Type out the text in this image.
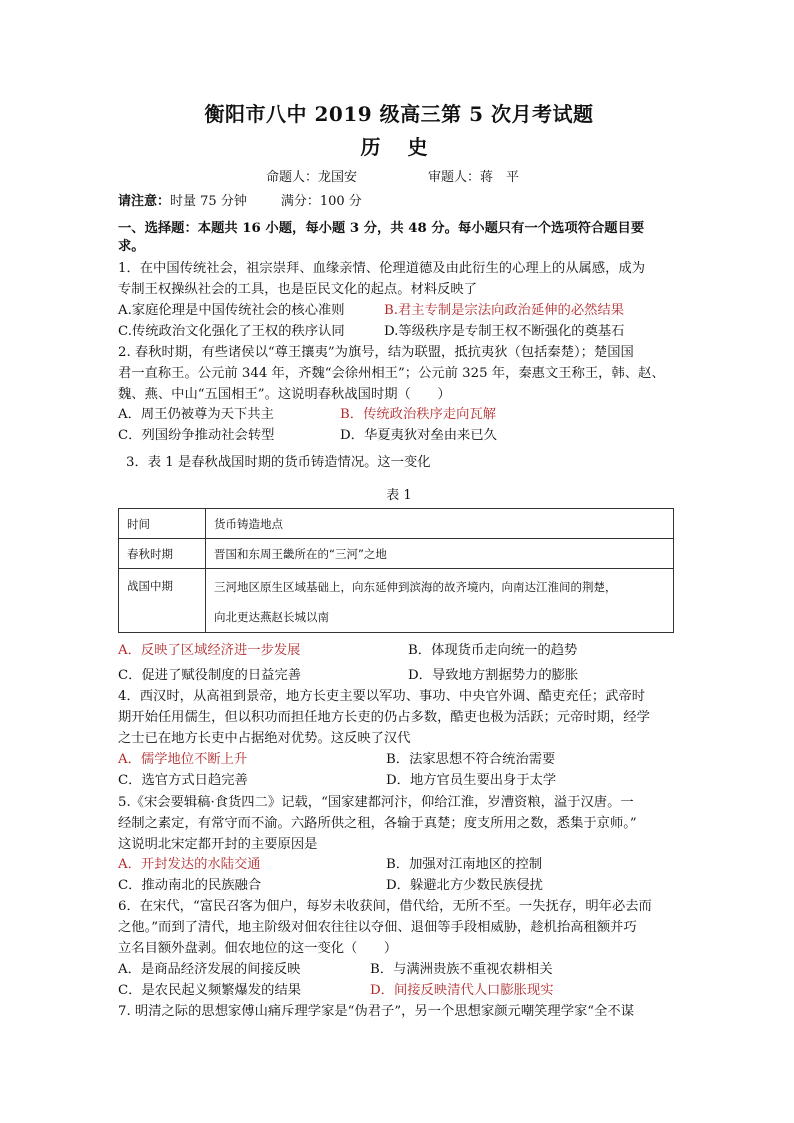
衡阳市八中 2019 级高三第 5 次月考试题
历 史
命题人：龙国安	审题人：蒋　平
请注意：时量 75 分钟	满分：100 分
一、选择题：本题共 16 小题，每小题 3 分，共 48 分。每小题只有一个选项符合题目要
求。
1．在中国传统社会，祖宗崇拜、血缘亲情、伦理道德及由此衍生的心理上的从属感，成为
专制王权操纵社会的工具，也是臣民文化的起点。材料反映了
A.家庭伦理是中国传统社会的核心准则	B.君主专制是宗法向政治延伸的必然结果
C.传统政治文化强化了王权的秩序认同	D.等级秩序是专制王权不断强化的奠基石
2. 春秋时期，有些诸侯以“尊王攘夷”为旗号，结为联盟，抵抗夷狄（包括秦楚）；楚国国
君一直称王。公元前 344 年，齐魏“会徐州相王”；公元前 325 年，秦惠文王称王，韩、赵、
魏、燕、中山“五国相王”。这说明春秋战国时期（　　）
A．周王仍被尊为天下共主	B．传统政治秩序走向瓦解
C．列国纷争推动社会转型	D．华夏夷狄对垒由来已久
3．表 1 是春秋战国时期的货币铸造情况。这一变化
表 1
时间	货币铸造地点
春秋时期	晋国和东周王畿所在的“三河”之地
战国中期	三河地区原生区域基础上，向东延伸到滨海的故齐境内，向南达江淮间的荆楚，
向北更达燕赵长城以南
A．反映了区域经济进一步发展	B．体现货币走向统一的趋势
C．促进了赋役制度的日益完善	D．导致地方割据势力的膨胀
4．西汉时，从高祖到景帝，地方长吏主要以军功、事功、中央官外调、酷吏充任；武帝时
期开始任用儒生，但以积功而担任地方长吏的仍占多数，酷吏也极为活跃；元帝时期，经学
之士已在地方长吏中占据绝对优势。这反映了汉代
A．儒学地位不断上升	B．法家思想不符合统治需要
C．选官方式日趋完善	D．地方官员生要出身于太学
5.《宋会要辑稿·食货四二》记载，“国家建都河汴，仰给江淮，岁漕资粮，溢于汉唐。一
经制之素定，有常守而不渝。六路所供之租，各输于真楚；度支所用之数，悉集于京师。”
这说明北宋定都开封的主要原因是
A．开封发达的水陆交通	B．加强对江南地区的控制
C．推动南北的民族融合	D．躲避北方少数民族侵扰
6．在宋代，“富民召客为佃户，每岁未收获间，借代给，无所不至。一失抚存，明年必去而
之他。”而到了清代，地主阶级对佃农往往以夺佃、退佃等手段相威胁，趁机抬高租额并巧
立名目额外盘剥。佃农地位的这一变化（　　）
A．是商品经济发展的间接反映	B．与满洲贵族不重视农耕相关
C．是农民起义频繁爆发的结果	D．间接反映清代人口膨胀现实
7. 明清之际的思想家傅山痛斥理学家是“伪君子”，另一个思想家颜元嘲笑理学家“全不谋
